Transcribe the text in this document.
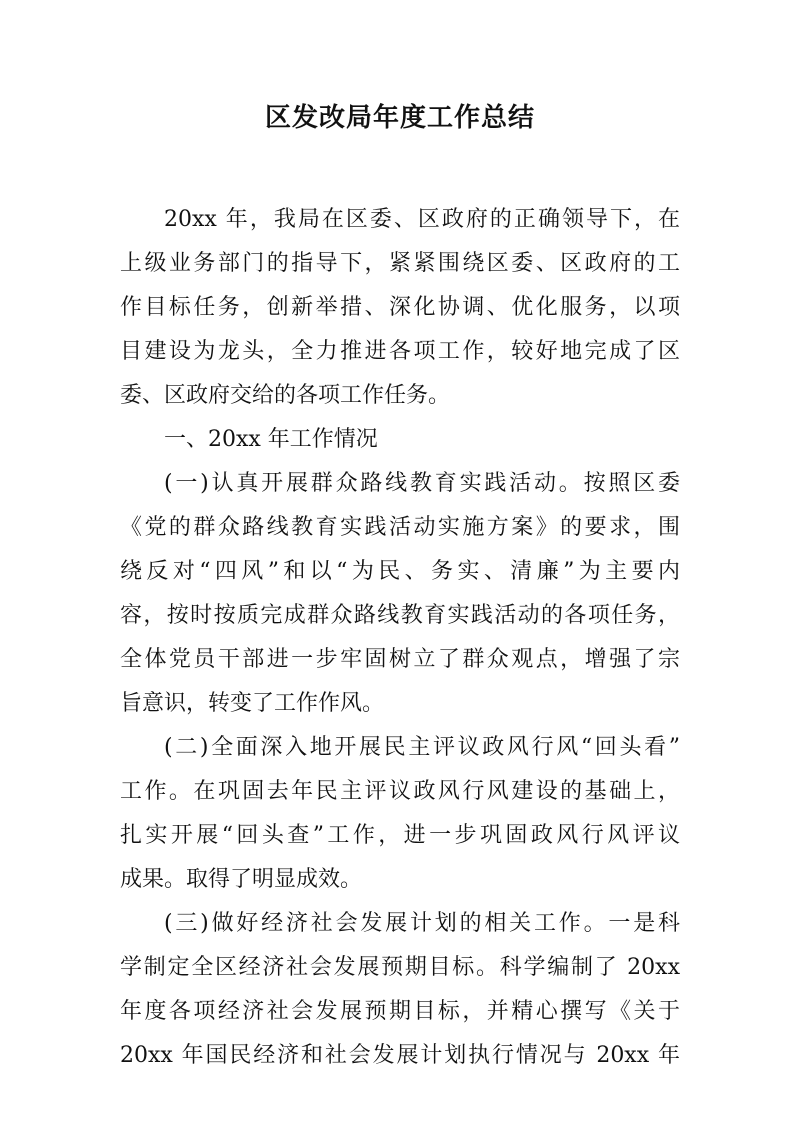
区发改局年度工作总结
20xx 年，我局在区委、区政府的正确领导下，在
上级业务部门的指导下，紧紧围绕区委、区政府的工
作目标任务，创新举措、深化协调、优化服务，以项
目建设为龙头，全力推进各项工作，较好地完成了区
委、区政府交给的各项工作任务。
一、20xx 年工作情况
(一)认真开展群众路线教育实践活动。按照区委
《党的群众路线教育实践活动实施方案》的要求，围
绕反对“四风”和以“为民、务实、清廉”为主要内
容，按时按质完成群众路线教育实践活动的各项任务，
全体党员干部进一步牢固树立了群众观点，增强了宗
旨意识，转变了工作作风。
(二)全面深入地开展民主评议政风行风“回头看”
工作。在巩固去年民主评议政风行风建设的基础上，
扎实开展“回头查”工作，进一步巩固政风行风评议
成果。取得了明显成效。
(三)做好经济社会发展计划的相关工作。一是科
学制定全区经济社会发展预期目标。科学编制了 20xx
年度各项经济社会发展预期目标，并精心撰写《关于
20xx 年国民经济和社会发展计划执行情况与 20xx 年
